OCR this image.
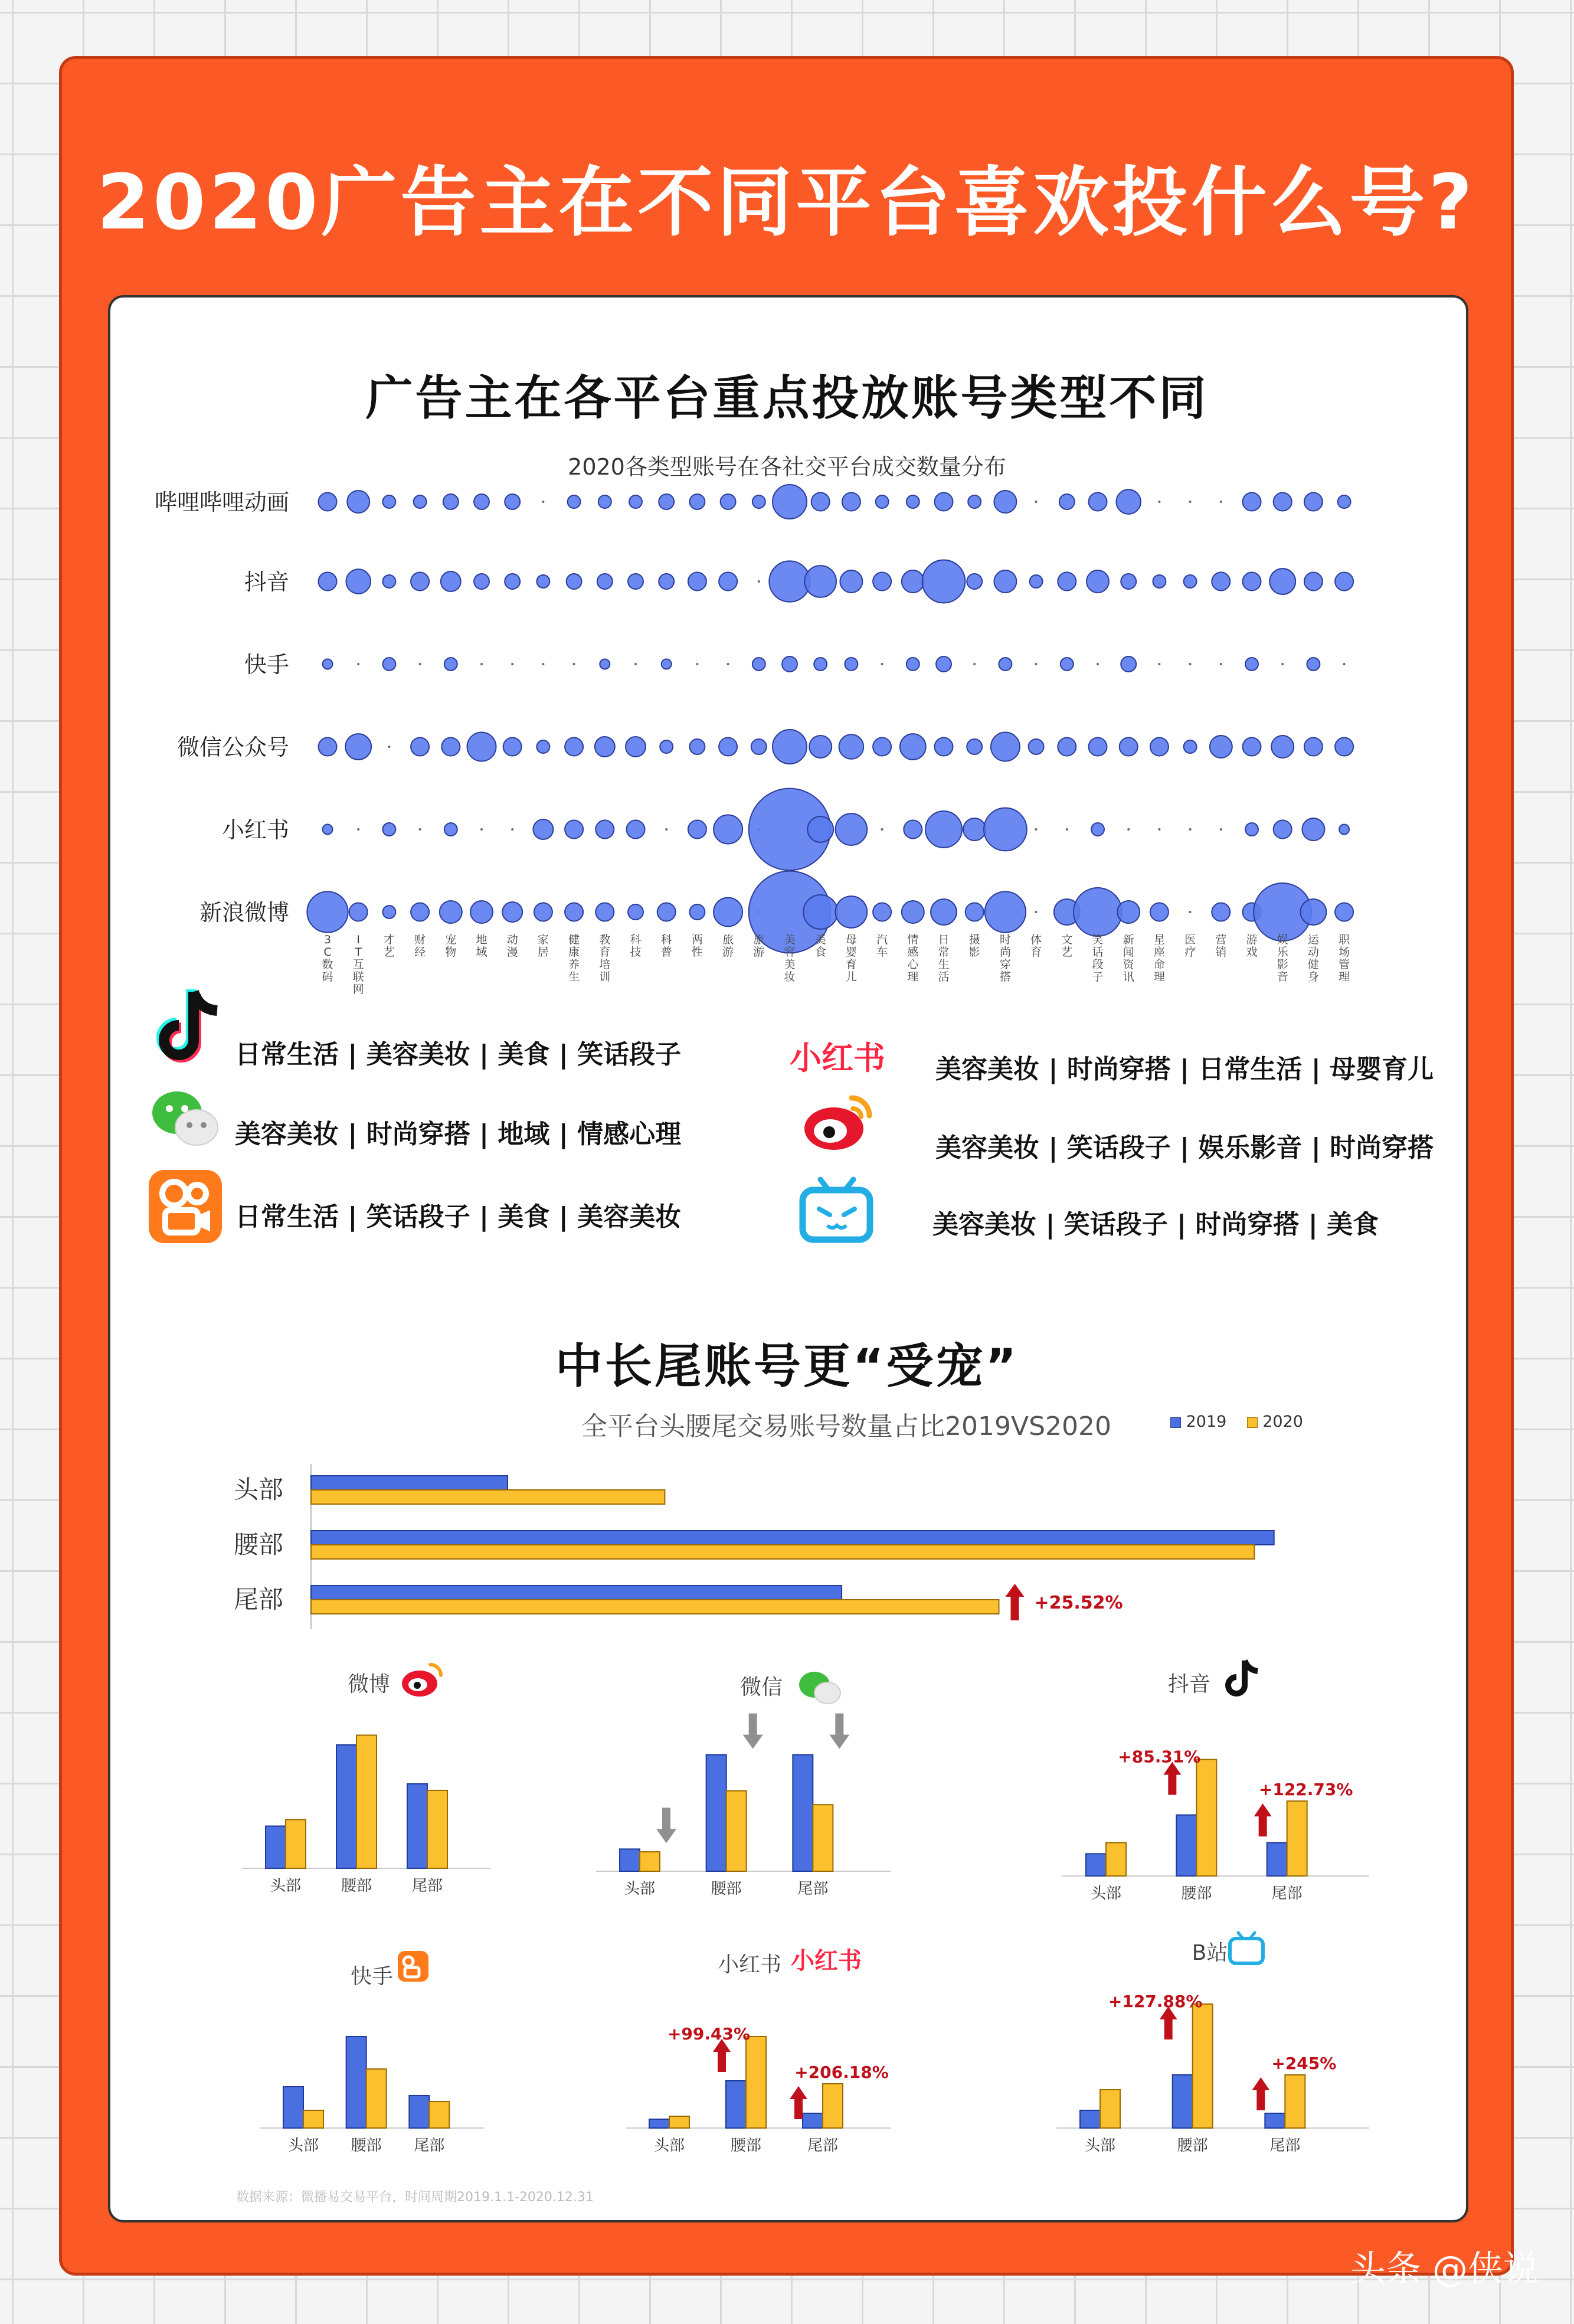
2020广告主在不同平台喜欢投什么号?
广告主在各平台重点投放账号类型不同
2020各类型账号在各社交平台成交数量分布
哔哩哔哩动画
抖音
快手
微信公众号
小红书
新浪微博
3
C
数
码
I
T
互
联
网
才
艺
财
经
宠
物
地
域
动
漫
家
居
健
康
养
生
教
育
培
训
科
技
科
普
两
性
旅
游
旅
游
美
容
美
妆
美
食
母
婴
育
儿
汽
车
情
感
心
理
日
常
生
活
摄
影
时
尚
穿
搭
体
育
文
艺
笑
话
段
子
新
闻
资
讯
星
座
命
理
医
疗
营
销
游
戏
娱
乐
影
音
运
动
健
身
职
场
管
理
日常生活 | 美容美妆 | 美食 | 笑话段子
美容美妆 | 时尚穿搭 | 地域 | 情感心理
日常生活 | 笑话段子 | 美食 | 美容美妆
小红书 美容美妆 | 时尚穿搭 | 日常生活 | 母婴育儿
美容美妆 | 笑话段子 | 娱乐影音 | 时尚穿搭
美容美妆 | 笑话段子 | 时尚穿搭 | 美食
中长尾账号更“受宠”
全平台头腰尾交易账号数量占比2019VS2020	2019 2020
头部
腰部
尾部	+25.52%
微博
头部	腰部	尾部
微信
头部	腰部	尾部
抖音
头部	腰部
+85.31%
尾部
+122.73%
快手
头部 腰部 尾部
小红书
头部	腰部
+99.43%
尾部
+206.18%
B站
头部	腰部
+127.88%
尾部
+245%
小红书
数据来源：微播易交易平台，时间周期2019.1.1-2020.12.31
头条 @侠说
